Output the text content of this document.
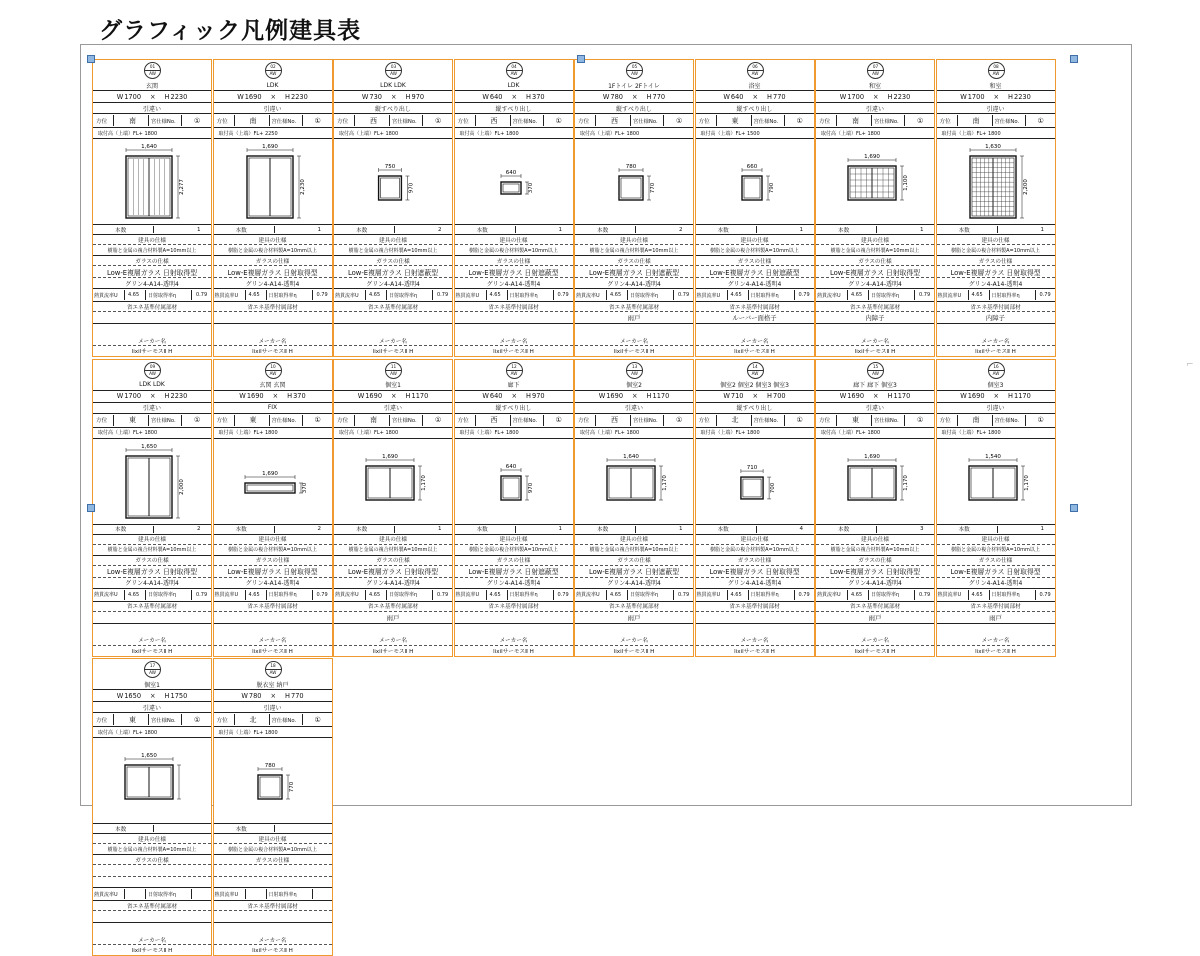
グラフィック凡例建具表
01
AW
玄関
W 1700 × H 2230
引違い
方位	南	宮仕様No.	①
取付高（上端）FL+ 1800
1,640
2,277
本数	1
建具の仕様
樹脂と金属の複合材料製A=10mm以上
ガラスの仕様
Low-E複層ガラス 日射取得型
グリン4-A14-透明4
熱貫流率U 4.65 日射取得率η	0.79
省エネ基準付属部材
メーカー名
lixilサーモスⅡ H
02
AW
LDK
W 1690 × H 2230
引違い
方位	南	宮仕様No.	①
取付高（上端）FL+ 2250
1,690
2,230
本数	1
建具の仕様
樹脂と金属の複合材料製A=10mm以上
ガラスの仕様
Low-E複層ガラス 日射取得型
グリン4-A14-透明4
熱貫流率U 4.65 日射取得率η	0.79
省エネ基準付属部材
メーカー名
lixilサーモスⅡ H
03
AW
LDK LDK
W 730 × H 970
縦すべり出し
方位	西	宮仕様No.	①
取付高（上端）FL+ 1800
750
970
本数	2
建具の仕様
樹脂と金属の複合材料製A=10mm以上
ガラスの仕様
Low-E複層ガラス 日射遮蔽型
グリン4-A14-透明4
熱貫流率U 4.65 日射取得率η	0.79
省エネ基準付属部材
メーカー名
lixilサーモスⅡ H
04
AW
LDK
W 640 × H 370
縦すべり出し
方位	西	宮仕様No.	①
取付高（上端）FL+ 1800
640
370
本数	1
建具の仕様
樹脂と金属の複合材料製A=10mm以上
ガラスの仕様
Low-E複層ガラス 日射遮蔽型
グリン4-A14-透明4
熱貫流率U 4.65 日射取得率η	0.79
省エネ基準付属部材
メーカー名
lixilサーモスⅡ H
05
AW
1Fトイレ 2Fトイレ
W 780 × H 770
縦すべり出し
方位	西	宮仕様No.	①
取付高（上端）FL+ 1800
780
770
本数	2
建具の仕様
樹脂と金属の複合材料製A=10mm以上
ガラスの仕様
Low-E複層ガラス 日射遮蔽型
グリン4-A14-透明4
熱貫流率U 4.65 日射取得率η	0.79
省エネ基準付属部材
雨戸
メーカー名
lixilサーモスⅡ H
06
AW
浴室
W 640 × H 770
縦すべり出し
方位	東	宮仕様No.	①
取付高（上端）FL+ 1500
660
790
本数	1
建具の仕様
樹脂と金属の複合材料製A=10mm以上
ガラスの仕様
Low-E複層ガラス 日射遮蔽型
グリン4-A14-透明4
熱貫流率U 4.65 日射取得率η	0.79
省エネ基準付属部材
ルーバー面格子
メーカー名
lixilサーモスⅡ H
07
AW
和室
W 1700 × H 2230
引違い
方位	南	宮仕様No.	①
取付高（上端）FL+ 1800
1,690
1,100
本数	1
建具の仕様
樹脂と金属の複合材料製A=10mm以上
ガラスの仕様
Low-E複層ガラス 日射取得型
グリン4-A14-透明4
熱貫流率U 4.65 日射取得率η	0.79
省エネ基準付属部材
内障子
メーカー名
lixilサーモスⅡ H
08
AW
和室
W 1700 × H 2230
引違い
方位	南	宮仕様No.	①
取付高（上端）FL+ 1800
1,630
2,200
本数	1
建具の仕様
樹脂と金属の複合材料製A=10mm以上
ガラスの仕様
Low-E複層ガラス 日射取得型
グリン4-A14-透明4
熱貫流率U 4.65 日射取得率η	0.79
省エネ基準付属部材
内障子
メーカー名
lixilサーモスⅡ H
09
AW
LDK LDK
W 1700 × H 2230
引違い
方位	東	宮仕様No.	①
取付高（上端）FL+ 1800
1,650
2,000
本数	2
建具の仕様
樹脂と金属の複合材料製A=10mm以上
ガラスの仕様
Low-E複層ガラス 日射取得型
グリン4-A14-透明4
熱貫流率U 4.65 日射取得率η	0.79
省エネ基準付属部材
メーカー名
lixilサーモスⅡ H
10
AW
玄関 玄関
W 1690 × H 370
FIX
方位	東	宮仕様No.	①
取付高（上端）FL+ 1800
1,690
370
本数	2
建具の仕様
樹脂と金属の複合材料製A=10mm以上
ガラスの仕様
Low-E複層ガラス 日射取得型
グリン4-A14-透明4
熱貫流率U 4.65 日射取得率η	0.79
省エネ基準付属部材
メーカー名
lixilサーモスⅡ H
11
AW
個室1
W 1690 × H 1170
引違い
方位	南	宮仕様No.	①
取付高（上端）FL+ 1800
1,690
1,170
本数	1
建具の仕様
樹脂と金属の複合材料製A=10mm以上
ガラスの仕様
Low-E複層ガラス 日射取得型
グリン4-A14-透明4
熱貫流率U 4.65 日射取得率η	0.79
省エネ基準付属部材
雨戸
メーカー名
lixilサーモスⅡ H
12
AW
廊下
W 640 × H 970
縦すべり出し
方位	西	宮仕様No.	①
取付高（上端）FL+ 1800
640
970
本数	1
建具の仕様
樹脂と金属の複合材料製A=10mm以上
ガラスの仕様
Low-E複層ガラス 日射遮蔽型
グリン4-A14-透明4
熱貫流率U 4.65 日射取得率η	0.79
省エネ基準付属部材
メーカー名
lixilサーモスⅡ H
13
AW
個室2
W 1690 × H 1170
引違い
方位	西	宮仕様No.	①
取付高（上端）FL+ 1800
1,640
1,170
本数	1
建具の仕様
樹脂と金属の複合材料製A=10mm以上
ガラスの仕様
Low-E複層ガラス 日射遮蔽型
グリン4-A14-透明4
熱貫流率U 4.65 日射取得率η	0.79
省エネ基準付属部材
雨戸
メーカー名
lixilサーモスⅡ H
14
AW
個室2 個室2 個室3 個室3
W 710 × H 700
縦すべり出し
方位	北	宮仕様No.	①
取付高（上端）FL+ 1800
710
700
本数	4
建具の仕様
樹脂と金属の複合材料製A=10mm以上
ガラスの仕様
Low-E複層ガラス 日射取得型
グリン4-A14-透明4
熱貫流率U 4.65 日射取得率η	0.79
省エネ基準付属部材
メーカー名
lixilサーモスⅡ H
15
AW
廊下 廊下 個室3
W 1690 × H 1170
引違い
方位	東	宮仕様No.	①
取付高（上端）FL+ 1800
1,690
1,170
本数	3
建具の仕様
樹脂と金属の複合材料製A=10mm以上
ガラスの仕様
Low-E複層ガラス 日射取得型
グリン4-A14-透明4
熱貫流率U 4.65 日射取得率η	0.79
省エネ基準付属部材
雨戸
メーカー名
lixilサーモスⅡ H
16
AW
個室3
W 1690 × H 1170
引違い
方位	南	宮仕様No.	①
取付高（上端）FL+ 1800
1,540
1,170
本数	1
建具の仕様
樹脂と金属の複合材料製A=10mm以上
ガラスの仕様
Low-E複層ガラス 日射取得型
グリン4-A14-透明4
熱貫流率U 4.65 日射取得率η	0.79
省エネ基準付属部材
雨戸
メーカー名
lixilサーモスⅡ H
17
AW
個室1
W 1650 × H 1750
引違い
方位	東	宮仕様No.	①
取付高（上端）FL+ 1800
1,650
本数
建具の仕様
樹脂と金属の複合材料製A=10mm以上
ガラスの仕様
熱貫流率U	日射取得率η
省エネ基準付属部材
メーカー名
lixilサーモスⅡ H
18
AW
脱衣室 納戸
W 780 × H 770
引違い
方位	北	宮仕様No.	①
取付高（上端）FL+ 1800
780
770
本数
建具の仕様
樹脂と金属の複合材料製A=10mm以上
ガラスの仕様
熱貫流率U	日射取得率η
省エネ基準付属部材
メーカー名
lixilサーモスⅡ H
⌐
